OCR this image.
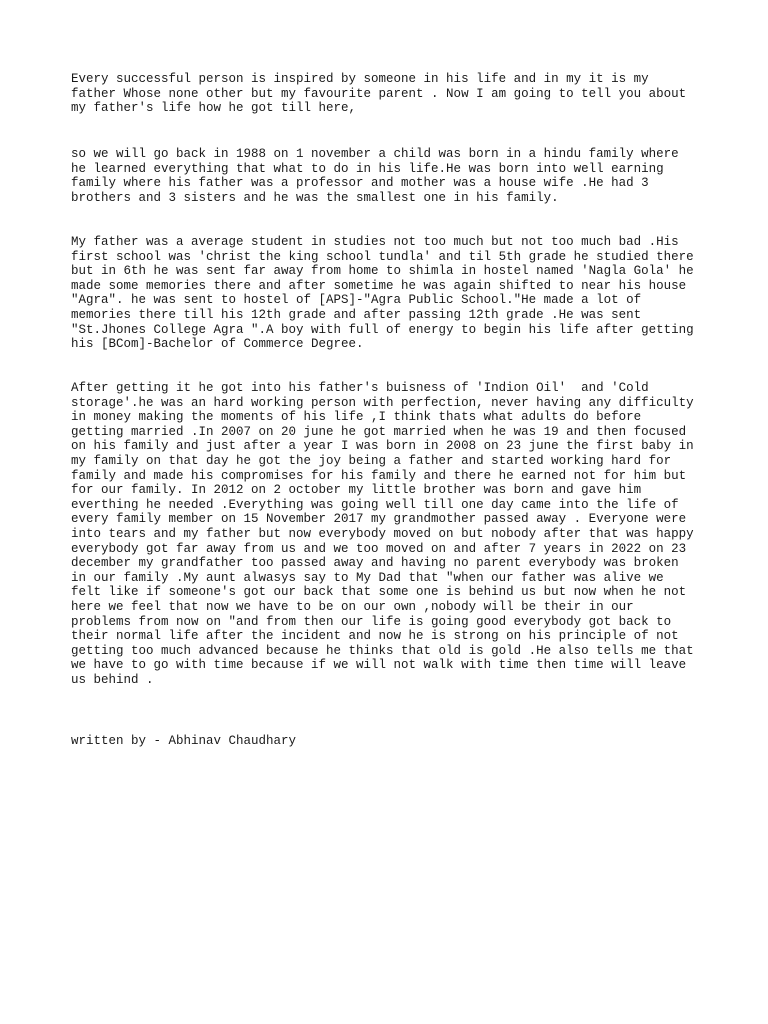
Every successful person is inspired by someone in his life and in my it is my
father Whose none other but my favourite parent . Now I am going to tell you about
my father's life how he got till here,

so we will go back in 1988 on 1 november a child was born in a hindu family where
he learned everything that what to do in his life.He was born into well earning
family where his father was a professor and mother was a house wife .He had 3
brothers and 3 sisters and he was the smallest one in his family.

My father was a average student in studies not too much but not too much bad .His
first school was 'christ the king school tundla' and til 5th grade he studied there
but in 6th he was sent far away from home to shimla in hostel named 'Nagla Gola' he
made some memories there and after sometime he was again shifted to near his house
"Agra". he was sent to hostel of [APS]-"Agra Public School."He made a lot of
memories there till his 12th grade and after passing 12th grade .He was sent
"St.Jhones College Agra ".A boy with full of energy to begin his life after getting
his [BCom]-Bachelor of Commerce Degree.

After getting it he got into his father's buisness of 'Indion Oil'  and 'Cold
storage'.he was an hard working person with perfection, never having any difficulty
in money making the moments of his life ,I think thats what adults do before
getting married .In 2007 on 20 june he got married when he was 19 and then focused
on his family and just after a year I was born in 2008 on 23 june the first baby in
my family on that day he got the joy being a father and started working hard for
family and made his compromises for his family and there he earned not for him but
for our family. In 2012 on 2 october my little brother was born and gave him
everthing he needed .Everything was going well till one day came into the life of
every family member on 15 November 2017 my grandmother passed away . Everyone were
into tears and my father but now everybody moved on but nobody after that was happy
everybody got far away from us and we too moved on and after 7 years in 2022 on 23
december my grandfather too passed away and having no parent everybody was broken
in our family .My aunt alwasys say to My Dad that "when our father was alive we
felt like if someone's got our back that some one is behind us but now when he not
here we feel that now we have to be on our own ,nobody will be their in our
problems from now on "and from then our life is going good everybody got back to
their normal life after the incident and now he is strong on his principle of not
getting too much advanced because he thinks that old is gold .He also tells me that
we have to go with time because if we will not walk with time then time will leave
us behind .

written by - Abhinav Chaudhary
